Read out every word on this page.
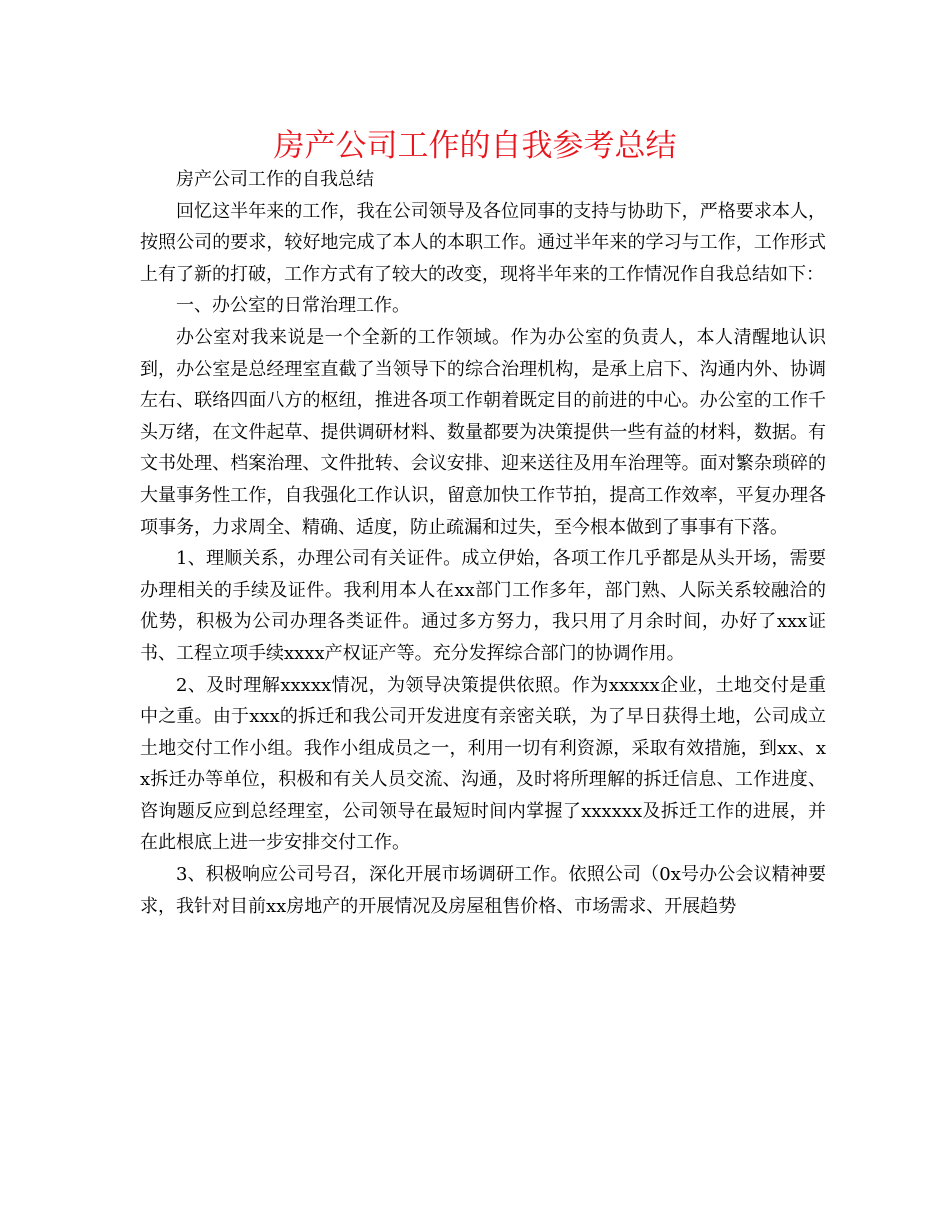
房产公司工作的自我参考总结

房产公司工作的自我总结

回忆这半年来的工作，我在公司领导及各位同事的支持与协助下，严格要求本人，按照公司的要求，较好地完成了本人的本职工作。通过半年来的学习与工作，工作形式上有了新的打破，工作方式有了较大的改变，现将半年来的工作情况作自我总结如下：

一、办公室的日常治理工作。

办公室对我来说是一个全新的工作领域。作为办公室的负责人，本人清醒地认识到，办公室是总经理室直截了当领导下的综合治理机构，是承上启下、沟通内外、协调左右、联络四面八方的枢纽，推进各项工作朝着既定目的前进的中心。办公室的工作千头万绪，在文件起草、提供调研材料、数量都要为决策提供一些有益的材料，数据。有文书处理、档案治理、文件批转、会议安排、迎来送往及用车治理等。面对繁杂琐碎的大量事务性工作，自我强化工作认识，留意加快工作节拍，提高工作效率，平复办理各项事务，力求周全、精确、适度，防止疏漏和过失，至今根本做到了事事有下落。

1、理顺关系，办理公司有关证件。成立伊始，各项工作几乎都是从头开场，需要办理相关的手续及证件。我利用本人在xx部门工作多年，部门熟、人际关系较融洽的优势，积极为公司办理各类证件。通过多方努力，我只用了月余时间，办好了xxx证书、工程立项手续xxxx产权证产等。充分发挥综合部门的协调作用。

2、及时理解xxxxx情况，为领导决策提供依照。作为xxxxx企业，土地交付是重中之重。由于xxx的拆迁和我公司开发进度有亲密关联，为了早日获得土地，公司成立土地交付工作小组。我作小组成员之一，利用一切有利资源，采取有效措施，到xx、xx拆迁办等单位，积极和有关人员交流、沟通，及时将所理解的拆迁信息、工作进度、咨询题反应到总经理室，公司领导在最短时间内掌握了xxxxxx及拆迁工作的进展，并在此根底上进一步安排交付工作。

3、积极响应公司号召，深化开展市场调研工作。依照公司（0x号办公会议精神要求，我针对目前xx房地产的开展情况及房屋租售价格、市场需求、开展趋势
